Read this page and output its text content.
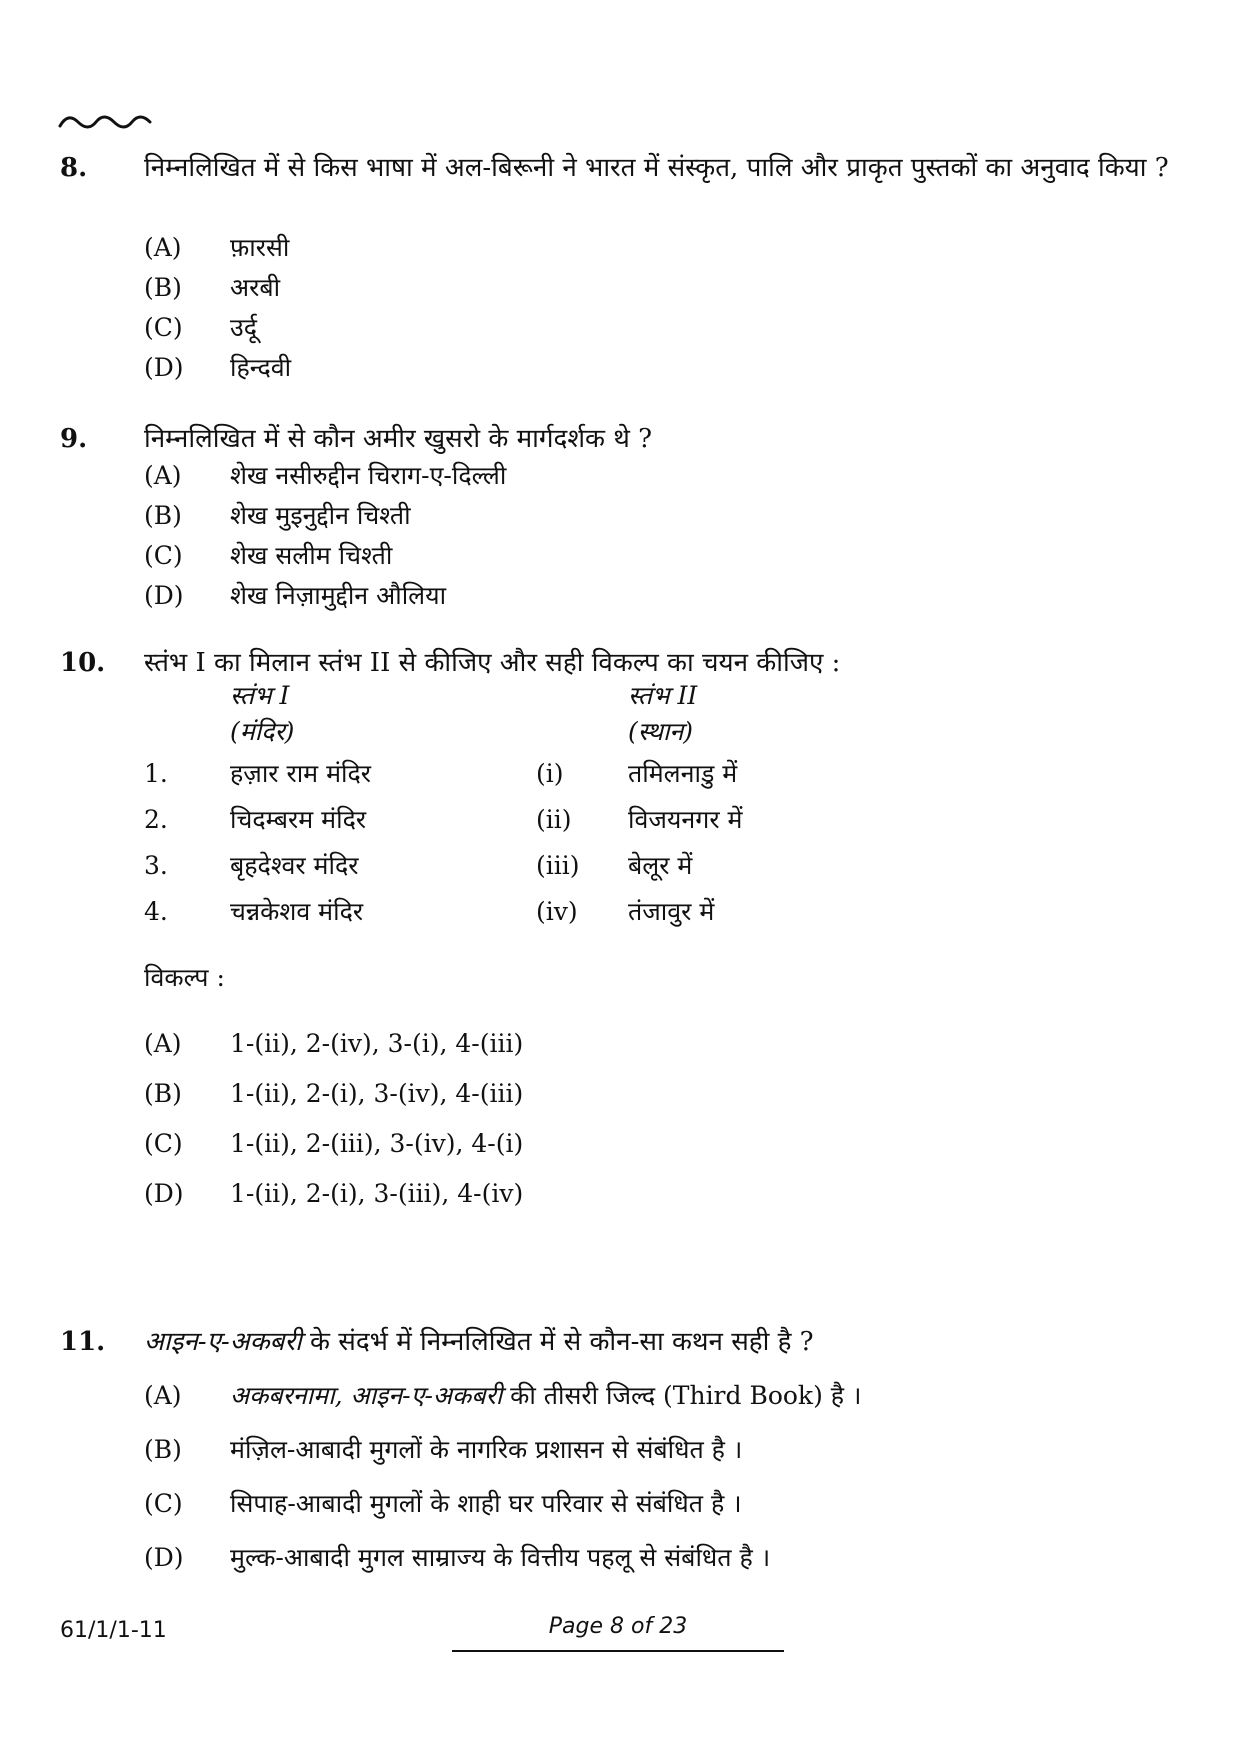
8. निम्नलिखित में से किस भाषा में अल-बिरूनी ने भारत में संस्कृत, पालि और प्राकृत पुस्तकों का अनुवाद किया ?
(A) फ़ारसी
(B) अरबी
(C) उर्दू
(D) हिन्दवी
9. निम्नलिखित में से कौन अमीर खुसरो के मार्गदर्शक थे ?
(A) शेख नसीरुद्दीन चिराग-ए-दिल्ली
(B) शेख मुइनुद्दीन चिश्ती
(C) शेख सलीम चिश्ती
(D) शेख निज़ामुद्दीन औलिया
10. स्तंभ I का मिलान स्तंभ II से कीजिए और सही विकल्प का चयन कीजिए :
स्तंभ I
(मंदिर)
स्तंभ II
(स्थान)
1. हज़ार राम मंदिर	(i)	तमिलनाडु में
2. चिदम्बरम मंदिर	(ii) विजयनगर में
3. बृहदेश्वर मंदिर	(iii) बेलूर में
4. चन्नकेशव मंदिर	(iv) तंजावुर में
विकल्प :
(A) 1-(ii), 2-(iv), 3-(i), 4-(iii)
(B) 1-(ii), 2-(i), 3-(iv), 4-(iii)
(C) 1-(ii), 2-(iii), 3-(iv), 4-(i)
(D) 1-(ii), 2-(i), 3-(iii), 4-(iv)
11. आइन-ए-अकबरी के संदर्भ में निम्नलिखित में से कौन-सा कथन सही है ?
(A) अकबरनामा, आइन-ए-अकबरी की तीसरी जिल्द (Third Book) है ।
(B) मंज़िल-आबादी मुगलों के नागरिक प्रशासन से संबंधित है ।
(C) सिपाह-आबादी मुगलों के शाही घर परिवार से संबंधित है ।
(D) मुल्क-आबादी मुगल साम्राज्य के वित्तीय पहलू से संबंधित है ।
61/1/1-11	Page 8 of 23
